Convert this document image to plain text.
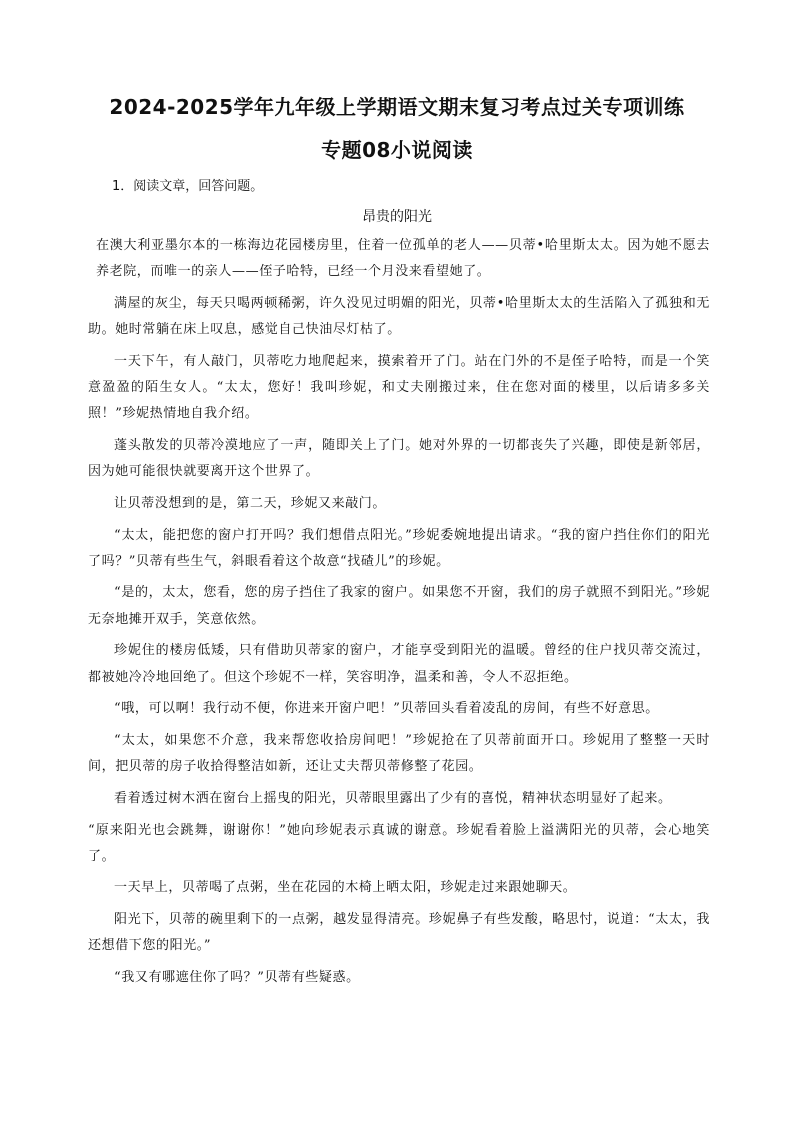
2024-2025学年九年级上学期语文期末复习考点过关专项训练
专题08小说阅读
1．阅读文章，回答问题。
昂贵的阳光

在澳大利亚墨尔本的一栋海边花园楼房里，住着一位孤单的老人——贝蒂•哈里斯太太。因为她不愿去养老院，而唯一的亲人——侄子哈特，已经一个月没来看望她了。

满屋的灰尘，每天只喝两顿稀粥，许久没见过明媚的阳光，贝蒂•哈里斯太太的生活陷入了孤独和无助。她时常躺在床上叹息，感觉自己快油尽灯枯了。

一天下午，有人敲门，贝蒂吃力地爬起来，摸索着开了门。站在门外的不是侄子哈特，而是一个笑意盈盈的陌生女人。“太太，您好！我叫珍妮，和丈夫刚搬过来，住在您对面的楼里，以后请多多关照！”珍妮热情地自我介绍。

蓬头散发的贝蒂冷漠地应了一声，随即关上了门。她对外界的一切都丧失了兴趣，即使是新邻居，因为她可能很快就要离开这个世界了。

让贝蒂没想到的是，第二天，珍妮又来敲门。

“太太，能把您的窗户打开吗？我们想借点阳光。”珍妮委婉地提出请求。“我的窗户挡住你们的阳光了吗？”贝蒂有些生气，斜眼看着这个故意“找碴儿”的珍妮。

“是的，太太，您看，您的房子挡住了我家的窗户。如果您不开窗，我们的房子就照不到阳光。”珍妮无奈地摊开双手，笑意依然。

珍妮住的楼房低矮，只有借助贝蒂家的窗户，才能享受到阳光的温暖。曾经的住户找贝蒂交流过，都被她冷冷地回绝了。但这个珍妮不一样，笑容明净，温柔和善，令人不忍拒绝。

“哦，可以啊！我行动不便，你进来开窗户吧！”贝蒂回头看着凌乱的房间，有些不好意思。

“太太，如果您不介意，我来帮您收拾房间吧！”珍妮抢在了贝蒂前面开口。珍妮用了整整一天时间，把贝蒂的房子收拾得整洁如新，还让丈夫帮贝蒂修整了花园。

看着透过树木洒在窗台上摇曳的阳光，贝蒂眼里露出了少有的喜悦，精神状态明显好了起来。

“原来阳光也会跳舞，谢谢你！”她向珍妮表示真诚的谢意。珍妮看着脸上溢满阳光的贝蒂，会心地笑了。

一天早上，贝蒂喝了点粥，坐在花园的木椅上晒太阳，珍妮走过来跟她聊天。

阳光下，贝蒂的碗里剩下的一点粥，越发显得清亮。珍妮鼻子有些发酸，略思忖，说道：“太太，我还想借下您的阳光。”

“我又有哪遮住你了吗？”贝蒂有些疑惑。
